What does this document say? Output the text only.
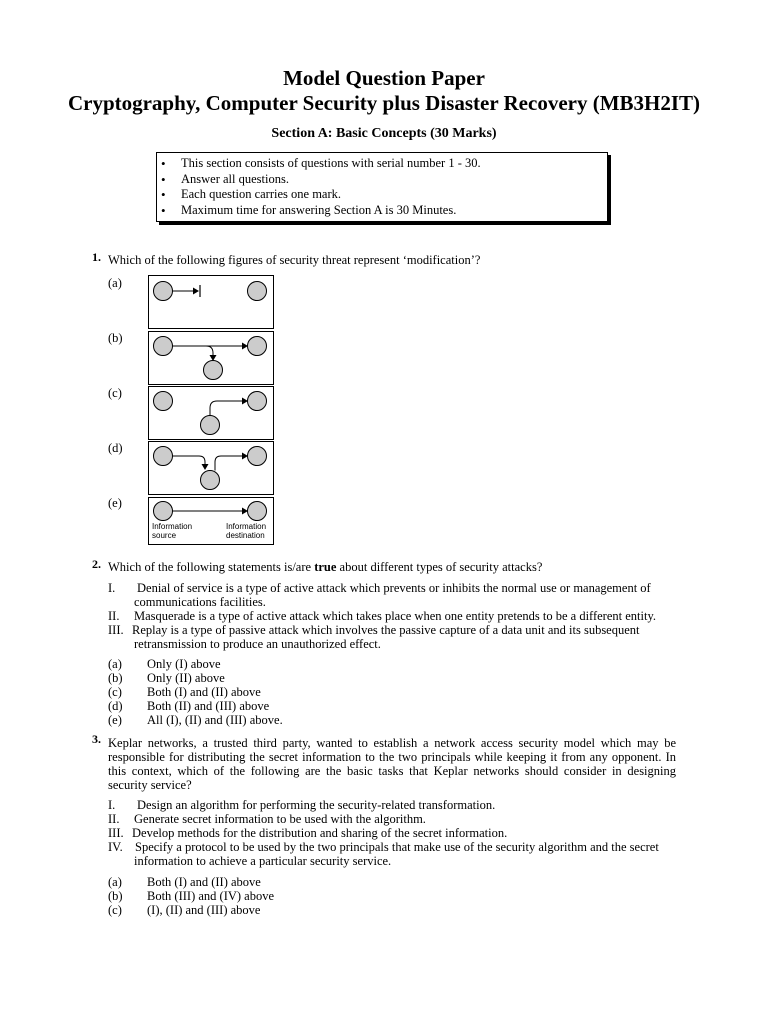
Model Question Paper
Cryptography, Computer Security plus Disaster Recovery (MB3H2IT)
Section A: Basic Concepts (30 Marks)
• This section consists of questions with serial number 1 - 30.
• Answer all questions.
• Each question carries one mark.
• Maximum time for answering Section A is 30 Minutes.
1. Which of the following figures of security threat represent ‘modification’?
(a)
(b)
(c)
(d)
(e)
Information source
Information destination
2. Which of the following statements is/are true about different types of security attacks?
I. Denial of service is a type of active attack which prevents or inhibits the normal use or management of
communications facilities.
II. Masquerade is a type of active attack which takes place when one entity pretends to be a different entity.
III. Replay is a type of passive attack which involves the passive capture of a data unit and its subsequent
retransmission to produce an unauthorized effect.
(a) Only (I) above
(b) Only (II) above
(c) Both (I) and (II) above
(d) Both (II) and (III) above
(e) All (I), (II) and (III) above.
3. Keplar networks, a trusted third party, wanted to establish a network access security model which may be
responsible for distributing the secret information to the two principals while keeping it from any opponent. In
this context, which of the following are the basic tasks that Keplar networks should consider in designing
security service?
I. Design an algorithm for performing the security-related transformation.
II. Generate secret information to be used with the algorithm.
III. Develop methods for the distribution and sharing of the secret information.
IV. Specify a protocol to be used by the two principals that make use of the security algorithm and the secret
information to achieve a particular security service.
(a) Both (I) and (II) above
(b) Both (III) and (IV) above
(c) (I), (II) and (III) above
